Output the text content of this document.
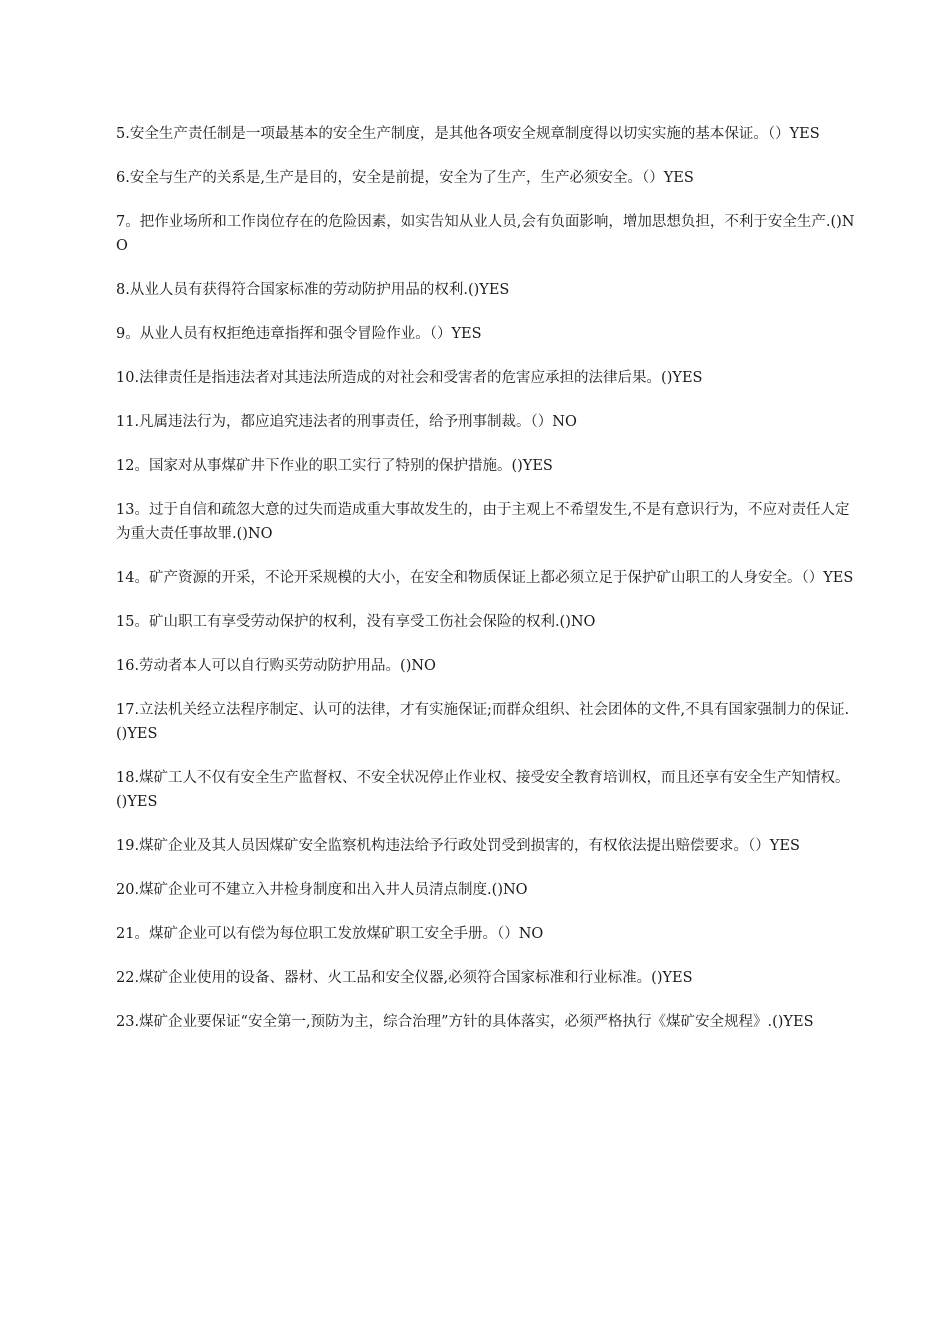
5.安全生产责任制是一项最基本的安全生产制度，是其他各项安全规章制度得以切实实施的基本保证。（）YES

6.安全与生产的关系是,生产是目的，安全是前提，安全为了生产，生产必须安全。（）YES

7。把作业场所和工作岗位存在的危险因素，如实告知从业人员,会有负面影响，增加思想负担，不利于安全生产.()NO

8.从业人员有获得符合国家标准的劳动防护用品的权利.()YES

9。从业人员有权拒绝违章指挥和强令冒险作业。（）YES

10.法律责任是指违法者对其违法所造成的对社会和受害者的危害应承担的法律后果。()YES

11.凡属违法行为，都应追究违法者的刑事责任，给予刑事制裁。（）NO

12。国家对从事煤矿井下作业的职工实行了特别的保护措施。()YES

13。过于自信和疏忽大意的过失而造成重大事故发生的，由于主观上不希望发生,不是有意识行为，不应对责任人定为重大责任事故罪.()NO

14。矿产资源的开采，不论开采规模的大小，在安全和物质保证上都必须立足于保护矿山职工的人身安全。（）YES

15。矿山职工有享受劳动保护的权利，没有享受工伤社会保险的权利.()NO

16.劳动者本人可以自行购买劳动防护用品。()NO

17.立法机关经立法程序制定、认可的法律，才有实施保证;而群众组织、社会团体的文件,不具有国家强制力的保证.()YES

18.煤矿工人不仅有安全生产监督权、不安全状况停止作业权、接受安全教育培训权，而且还享有安全生产知情权。()YES

19.煤矿企业及其人员因煤矿安全监察机构违法给予行政处罚受到损害的，有权依法提出赔偿要求。（）YES

20.煤矿企业可不建立入井检身制度和出入井人员清点制度.()NO

21。煤矿企业可以有偿为每位职工发放煤矿职工安全手册。（）NO

22.煤矿企业使用的设备、器材、火工品和安全仪器,必须符合国家标准和行业标准。()YES

23.煤矿企业要保证“安全第一,预防为主，综合治理”方针的具体落实，必须严格执行《煤矿安全规程》.()YES
